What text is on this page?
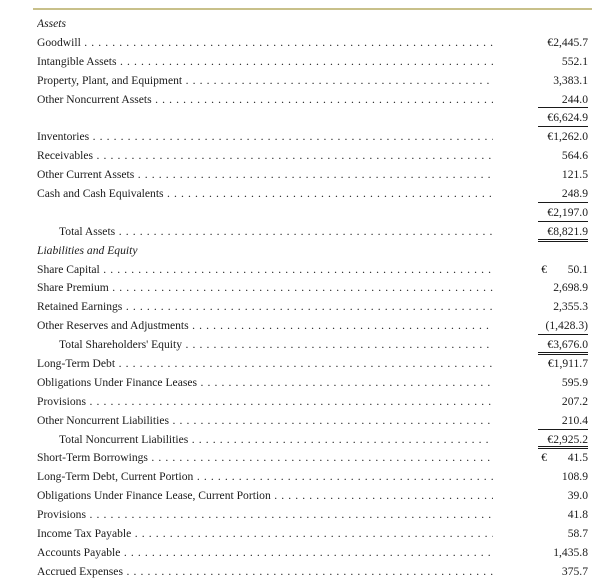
Assets
Goodwill . . .	€2,445.7
Intangible Assets . . .	552.1
Property, Plant, and Equipment . . .	3,383.1
Other Noncurrent Assets . . .	244.0
€6,624.9
Inventories . . .	€1,262.0
Receivables . . .	564.6
Other Current Assets . . .	121.5
Cash and Cash Equivalents . . .	248.9
€2,197.0
Total Assets . . .	€8,821.9
Liabilities and Equity
Share Capital . . .	€ 50.1
Share Premium . . .	2,698.9
Retained Earnings . . .	2,355.3
Other Reserves and Adjustments . . .	(1,428.3)
Total Shareholders' Equity . . .	€3,676.0
Long-Term Debt . . .	€1,911.7
Obligations Under Finance Leases . . .	595.9
Provisions . . .	207.2
Other Noncurrent Liabilities . . .	210.4
Total Noncurrent Liabilities . . .	€2,925.2
Short-Term Borrowings . . .	€ 41.5
Long-Term Debt, Current Portion . . .	108.9
Obligations Under Finance Lease, Current Portion . . .	39.0
Provisions . . .	41.8
Income Tax Payable . . .	58.7
Accounts Payable . . .	1,435.8
Accrued Expenses . . .	375.7
